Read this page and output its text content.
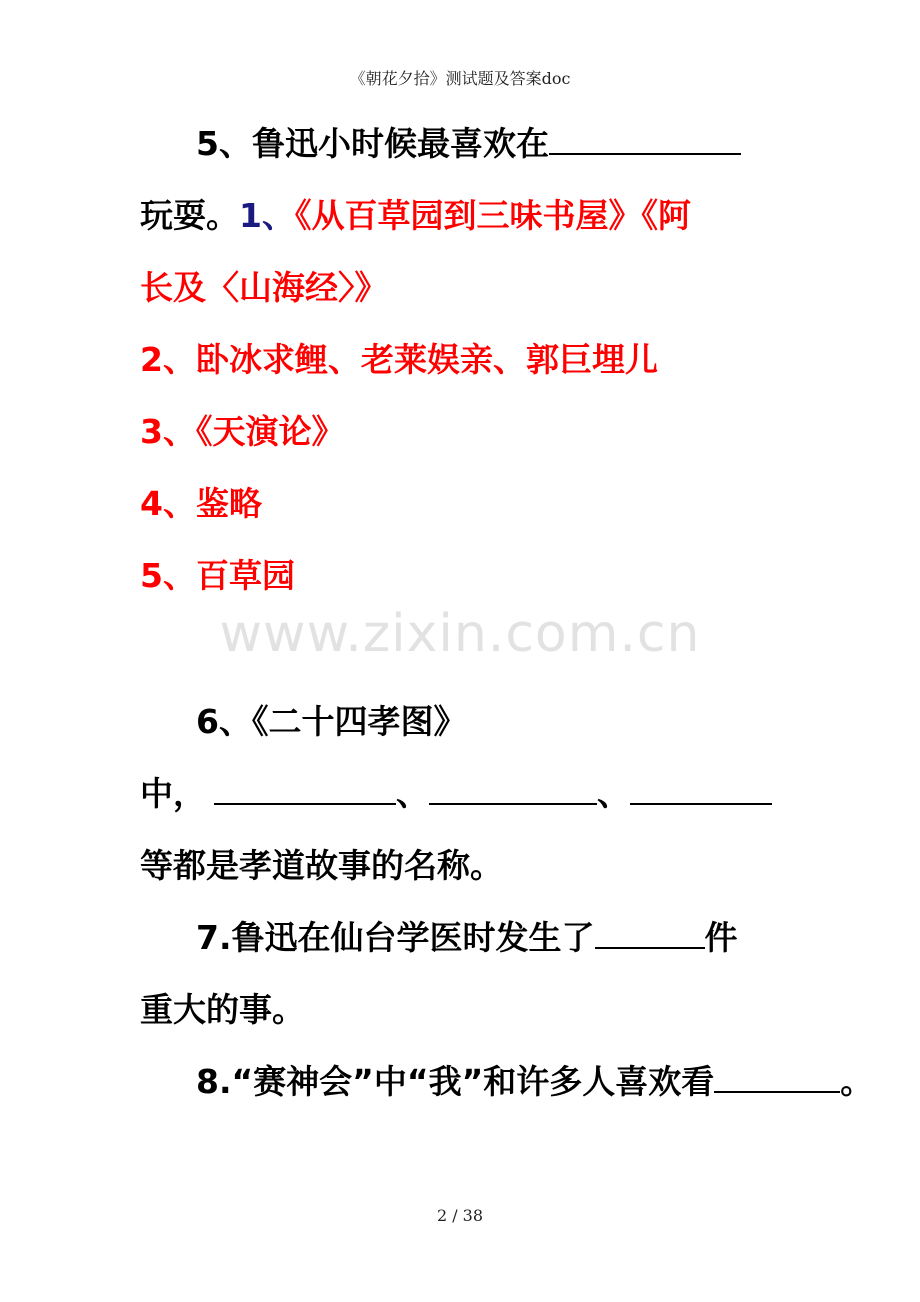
《朝花夕拾》测试题及答案doc
5、鲁迅小时候最喜欢在
玩耍。1、《从百草园到三味书屋》《阿
长及〈山海经〉》
2、卧冰求鲤、老莱娱亲、郭巨埋儿
3、《天演论》
4、鉴略
5、百草园
www.zixin.com.cn
6、《二十四孝图》
中，	、	、
等都是孝道故事的名称。
7.鲁迅在仙台学医时发生了	件
重大的事。
8.“赛神会”中“我”和许多人喜欢看	。
2 / 38
